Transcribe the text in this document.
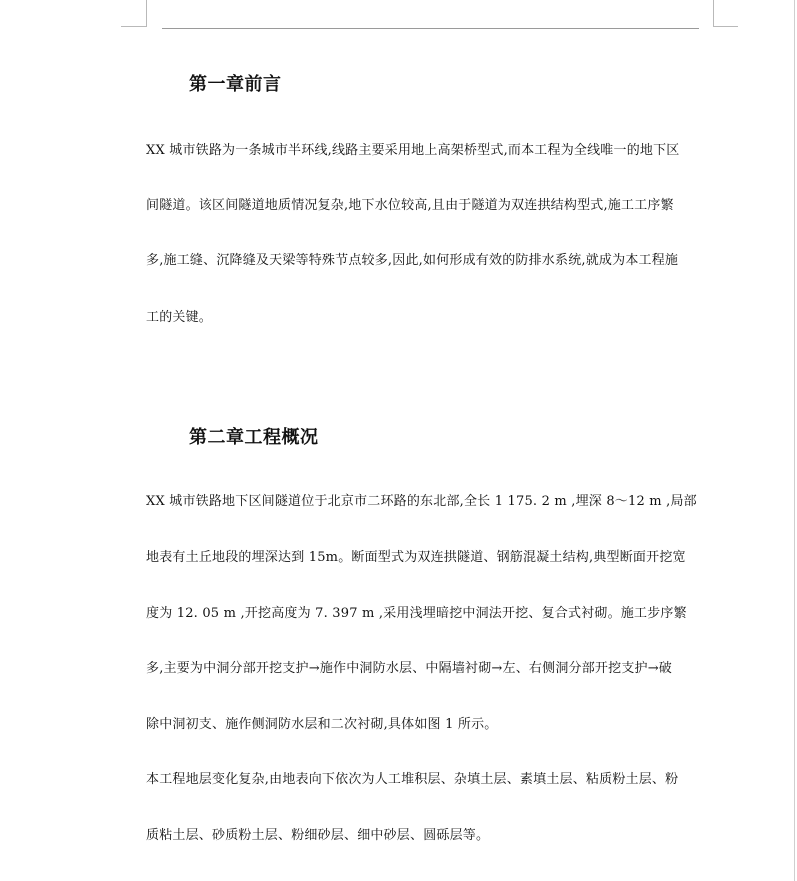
第一章前言

XX 城市铁路为一条城市半环线,线路主要采用地上高架桥型式,而本工程为全线唯一的地下区

间隧道。该区间隧道地质情况复杂,地下水位较高,且由于隧道为双连拱结构型式,施工工序繁

多,施工缝、沉降缝及天梁等特殊节点较多,因此,如何形成有效的防排水系统,就成为本工程施

工的关键。

第二章工程概况

XX 城市铁路地下区间隧道位于北京市二环路的东北部,全长 1 175. 2 m ,埋深 8～12 m ,局部

地表有土丘地段的埋深达到 15m。断面型式为双连拱隧道、钢筋混凝土结构,典型断面开挖宽

度为 12. 05 m ,开挖高度为 7. 397 m ,采用浅埋暗挖中洞法开挖、复合式衬砌。施工步序繁

多,主要为中洞分部开挖支护→施作中洞防水层、中隔墙衬砌→左、右侧洞分部开挖支护→破

除中洞初支、施作侧洞防水层和二次衬砌,具体如图 1 所示。

本工程地层变化复杂,由地表向下依次为人工堆积层、杂填土层、素填土层、粘质粉土层、粉

质粘土层、砂质粉土层、粉细砂层、细中砂层、圆砾层等。
